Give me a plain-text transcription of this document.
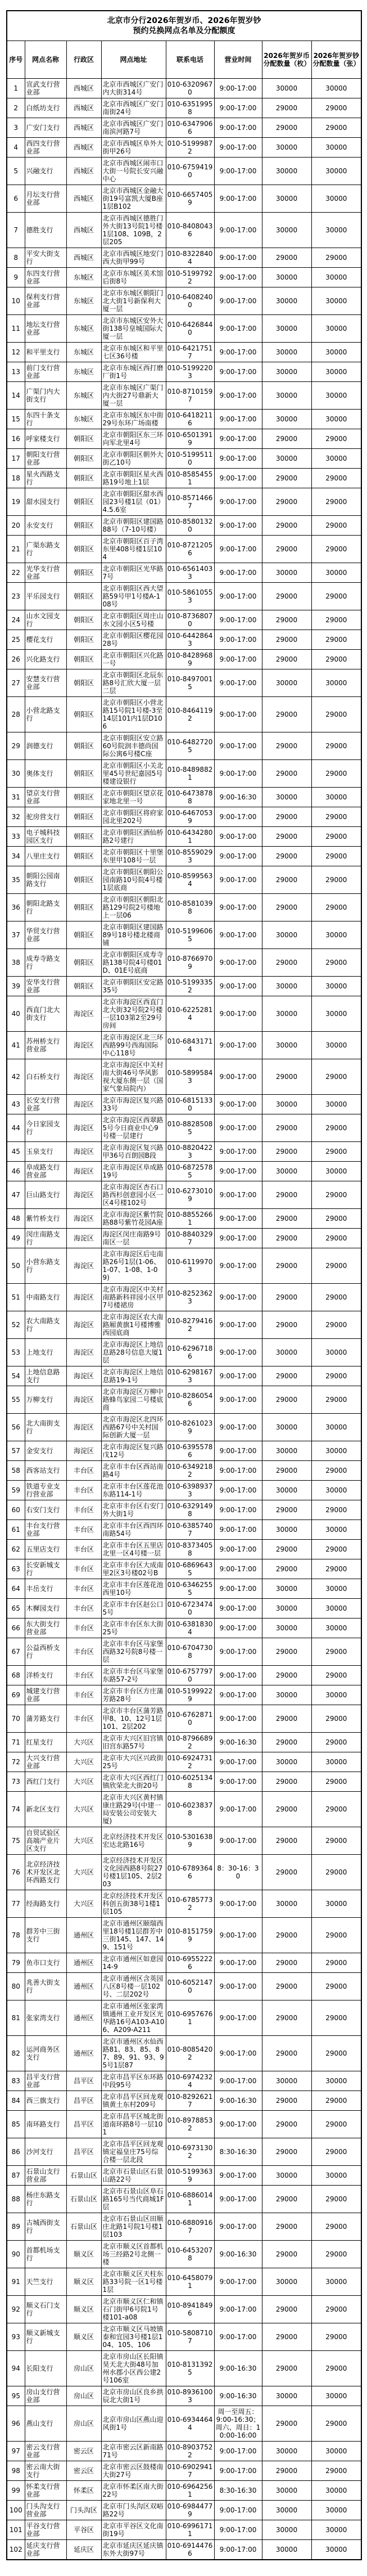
北京市分行2026年贺岁币、2026年贺岁钞
预约兑换网点名单及分配额度							

序号	网点名称	行政区	网点地址	联系电话	营业时间	2026年贺岁币分配数量（枚）	2026年贺岁钞分配数量（张）
1	宣武支行营业部	西城区	北京市西城区广安门内大街314号	010-63209670	9:00-17:00	30000	30000
2	白纸坊支行	西城区	北京市西城区广安门南街24号	010-63519958	9:00-17:00	29000	29000
3	广安门支行	西城区	北京市西城区广安门南滨河路7号	010-63479066	9:00-17:00	29000	29000
4	西四支行营业部	西城区	北京市西城区阜外大街甲26号	010-51999872	9:00-17:00	30000	30000
5	兴融支行	西城区	北京市西城区闹市口大街一号院长安兴融中心	010-67594190	9:00-17:00	30000	30000
6	月坛支行营业部	西城区	北京市西城区金融大街19号富凯大厦B座1层B102	010-66574059	9:00-17:00	30000	30000
7	德胜支行	西城区	北京市西城区德胜门外大街13号院1号楼1层108、109B，2层205	010-84080436	9:00-17:00	30000	30000
8	平安大街支行	西城区	北京市西城区地安门西大街甲99号	010-83228404	9:00-17:00	29000	29000
9	东四支行营业部	东城区	北京市东城区美术馆后街8号	010-51997922	9:00-17:00	30000	30000
10	保利支行营业部	东城区	北京市东城区朝阳门北大街1号新保利大厦一层	010-64082400	9:00-17:00	30000	30000
11	地坛支行营业部	东城区	北京市东城区安外大街138号皇城国际大厦一层	010-64268440	9:00-17:00	30000	30000
12	和平里支行	东城区	北京市东城区和平里七区36号楼	010-64217517	9:00-17:00	30000	30000
13	前门支行营业部	东城区	北京市东城区西打磨厂街1号	010-51992203	9:00-17:00	30000	30000
14	广渠门内大街支行	东城区	北京市东城区广渠门内大街27号鼎新大厦一层	010-87101597	9:00-17:00	30000	30000
15	东四十条支行	东城区	北京市东城区东中街29号东环广场南楼	010-64182116	9:00-17:00	30000	30000
16	呼家楼支行	朝阳区	北京市朝阳区东三环向军北里4号	010-65013919	9:00-17:00	29000	29000
17	朝阳支行营业部	朝阳区	北京市朝阳区朝外大街乙10号	010-51995110	9:00-17:00	30000	30000
18	星火西路支行	朝阳区	北京市朝阳区星火西路19号地上1层	010-85854551	9:00-17:00	29000	29000
19	甜水园支行	朝阳区	北京市朝阳区甜水西园23号楼1层（01）4.5.6室	010-85714667	9:00-17:00	29000	29000
20	永安支行	朝阳区	北京市朝阳区建国路88号（7-10号楼）	010-85801320	9:00-17:00	29000	29000
21	广渠东路支行	朝阳区	北京市朝阳区百子湾东里408号楼1层104	010-87212056	9:00-17:00	29000	29000
22	光华支行营业部	朝阳区	北京市朝阳区光华路7号	010-65614033	9:00-17:00	30000	30000
23	平乐园支行	朝阳区	北京市朝阳区西大望路59号甲1号楼A-108号	010-58610553	9:00-17:00	29000	29000
24	山水文园支行	朝阳区	北京市朝阳区周庄山水文园小区5号楼	010-87368070	9:00-17:00	29000	29000
25	樱花支行	朝阳区	北京市朝阳区樱花园28号	010-64428643	9:00-17:00	29000	29000
26	兴化路支行	朝阳区	北京市朝阳区兴化路一号	010-84289689	9:00-17:00	29000	29000
27	安慧支行营业部	朝阳区	北京市朝阳区北辰东路8号汇欣大厦一层二层	010-84970015	9:00-17:00	30000	30000
28	小营北路支行	朝阳区	北京市朝阳区小营北路15号院1号楼-3至14层101内1层D106	010-84641192	9:00-17:00	29000	29000
29	润德支行	朝阳区	北京市朝阳区安立路60号院润丰德尚国际公寓6号楼C座	010-64827205	9:00-17:00	29000	29000
30	奥体支行	朝阳区	北京市朝阳区小关北里45号世纪嘉园5号楼建设银行	010-84898821	9:00-17:00	29000	29000
31	望京支行营业部	朝阳区	北京市朝阳区望京花家地北里一号	010-64738788	9:00-16:30	30000	30000
32	驼房营支行	朝阳区	北京市朝阳区将府家园北里202号	010-64670539	9:00-17:00	29000	29000
33	电子城科技园区支行	朝阳区	北京市朝阳区酒仙桥路2号建行	010-64342801	9:00-17:00	29000	29000
34	八里庄支行	朝阳区	北京市朝阳区十里堡东里甲108号一层	010-85590293	9:00-17:00	29000	29000
35	朝阳公园南路支行	朝阳区	北京市朝阳区朝阳公园南路10号院4号楼1层底商	010-85995634	9:00-17:00	29000	29000
36	朝阳北路支行	朝阳区	北京市朝阳区朝阳北路129号院2号楼地上一层06	010-85810398	9:00-17:00	29000	29000
37	华贸支行营业部	朝阳区	北京市朝阳区建国路89号18号楼北楼商铺	010-51996065	9:00-17:00	30000	30000
38	成寿寺路支行	朝阳区	北京市朝阳区成寿寺路138号院4号楼01D、01E号底商	010-87669709	9:00-17:00	29000	29000
39	安华支行营业部	朝阳区	北京市朝阳区安定路35号	010-51993352	9:00-17:00	30000	30000
40	西直门北大街支行	海淀区	北京市海淀区西直门北大街32号院2号楼一层103第2至29号房间	010-62252814	9:00-17:00	30000	30000
41	苏州桥支行营业部	海淀区	北京市海淀区北三环西路99号西海国际中心118号	010-68431714	9:00-17:00	30000	30000
42	白石桥支行	海淀区	北京市海淀区中关村南大街46号华风影视大厦东侧一层（国家气象局院内）	010-58995843	9:00-17:00	29000	29000
43	长安支行营业部	海淀区	北京市海淀区复兴路33号	010-68151330	9:00-17:00	30000	30000
44	今日家园支行	海淀区	北京市海淀区西翠路5号今日商业中心9号楼一层建行	010-88285085	9:00-17:00	29000	29000
45	玉泉支行	海淀区	北京市海淀区复兴路甲36号百朗园B段	010-88204223	9:00-17:00	29000	29000
46	阜成路支行营业部	海淀区	北京市海淀区阜成路19号	010-68725785	9:00-17:00	30000	30000
47	巨山路支行	海淀区	北京市海淀区杏石口路西杉创意园小区一区4号楼102号	010-62730109	9:00-17:00	29000	29000
48	紫竹桥支行	海淀区	北京市海淀区紫竹院路88号紫竹花园A座	010-88552661	9:00-17:00	29000	29000
49	闵庄南路支行	海淀区	海淀区闵庄南路9号南区一层	010-88403297	9:00-17:00	29000	29000
50	小营东路支行	海淀区	北京市海淀区后屯南路26号1层(1-06、1-07、1-08、1-09)	010-61199703	9:00-17:00	29000	29000
51	中南路支行	海淀区	北京市海淀区中关村南路新科祥园小区甲7号楼裙房	010-82523623	9:00-17:00	29000	29000
52	农大南路支行	海淀区	北京市海淀区农大南路厢黄旗1号楼博雅西园底商	010-82794162	9:00-17:00	29000	29000
53	上地支行	海淀区	北京市海淀区上地信息路28号信息大厦1层	010-62967186	9:00-17:00	30000	30000
54	上地信息路支行	海淀区	北京市海淀区上地信息路19-1号	010-62981673	9:00-17:00	29000	29000
55	万柳支行	海淀区	北京市海淀区万柳中路蜂鸟家园二号楼底商	010-82860546	9:00-17:00	29000	29000
56	北大南街支行	海淀区	北京市海淀区北四环西路67号中关村国际创新大厦一层	010-82610239	9:00-17:00	30000	30000
57	金安支行	海淀区	北京市海淀区复兴路戊12号	010-63955786	9:00-17:00	30000	30000
58	西客站支行	丰台区	北京市丰台区西站南路4号	010-63492182	9:00-17:00	29000	29000
59	铁道专业支行营业部	丰台区	北京市丰台区莲花池东路114-1号	010-63989373	9:00-17:00	30000	30000
60	右安门支行	丰台区	北京市丰台区右安门外大街1号	010-63291498	9:00-17:00	29000	29000
61	丰台支行营业部	丰台区	北京市丰台区西四环南路54号	010-63857407	9:00-17:00	30000	30000
62	五里店支行	丰台区	北京市丰台区五里店北里一区4号楼一层	010-83734058	9:00-17:00	29000	29000
63	长安新城支行	丰台区	北京市丰台区大成南里2区3号楼02号B	010-68696435	9:00-17:00	29000	29000
64	丰岳支行	丰台区	北京市丰台区莲花池西里10号	010-63462555	9:00-17:00	30000	30000
65	木樨园支行	丰台区	北京市丰台区赵公口5号	010-67234740	9:00-17:00	30000	30000
66	东大街支行营业部	丰台区	北京市丰台区东大街25号	010-63818304	9:00-17:00	30000	30000
67	公益西桥支行	丰台区	北京市丰台区马家堡西路32号院8号楼一层	010-67047308	9:00-17:00	29000	29000
68	洋桥支行	丰台区	北京市丰台区马家堡东路57-2号	010-67577970	9:00-17:00	29000	29000
69	城建支行营业部	丰台区	北京市丰台区方庄蒲芳路28号	010-51999229	9:00-17:00	30000	30000
70	蒲芳路支行	丰台区	北京市丰台区蒲芳路甲8、10、12号1层101、2层202	010-67628710	9:00-17:00	29000	29000
71	红星支行	大兴区	北京市大兴区旧宫镇旧宫东路57号	010-87966892	9:00-16:30	29000	29000
72	大兴支行营业部	大兴区	北京市大兴区兴政街25号	010-69247312	9:00-17:00	30000	30000
73	西红门支行	大兴区	北京市大兴区西红门镇欣荣北大街20号	010-60251348	9:00-17:00	29000	29000
74	新北区支行	大兴区	北京市大兴区黄村镇康庄路29号(中建一局安装公司安装大厦)	010-60238378	9:00-17:00	29000	29000
75	自贸试验区高端产业片区支行	大兴区	北京经济技术开发区宏达北路16号	010-53016389	9:00-17:00	29000	29000
76	北京经济技术开发区北环西路支行	大兴区	北京经济技术开发区文化园西路8号院27号楼1层105、2层203	010-67893646	8：30-16：30	29000	29000
77	经海路支行	大兴区	北京经济技术开发区科创五街38号1楼1层105	010-67857732	9:00-17:00	30000	30000
78	群芳中三街支行	通州区	北京市通州区颐瑞西里18号楼1层群芳中三街145、147、149、151号	010-81517599	9:00-17:00	29000	29000
79	鱼市口支行	通州区	北京市通州区如意园14-9	010-69552226	9:00-17:00	29000	29000
80	兆善大街支行	通州区	北京市通州区含英园八区8号楼一层102号、二层202号	010-60521470	9:00-17:00	29000	29000
81	张家湾支行	通州区	北京市通州区张家湾镇通州工业开发区光华路16号A103-A106、A209-A211	010-69576761	9:00-17:00	29000	29000
82	运河商务区支行	通州区	北京市通州区水仙西路81、83、85、87、89、91、93、95号1层87	010-80854202	9:00-17:00	29000	29000
83	昌平支行营业部	昌平区	北京市昌平区东环路中段95号	010-69742324	9:00-17:00	30000	30000
84	西三旗支行	昌平区	北京市昌平区回龙观镇黄土东村209号	010-82926217	9:00-16:30	29000	29000
85	南环路支行	昌平区	北京市昌平区城北街道南环路8号一层101	010-89788532	9:00-17:00	29000	29000
86	沙河支行	昌平区	北京市昌平区回龙观镇定福皇庄75号综合楼一层北段	010-69731302	8:30-16:30	29000	29000
87	石景山支行营业部	石景山区	北京市石景山区石景山路22号	010-51993639	9:00-17:00	30000	30000
88	杨庄东路支行	石景山区	北京市石景山区阜石路165号当代商城1F层	010-68860141	9:00-17:00	29000	29000
89	古城西街支行	石景山区	北京市石景山区田顺庄北路1号院1号楼1层103	010-68809167	9:00-17:00	29000	29000
90	首都机场支行	顺义区	北京市顺义区首都机场三经路2号北侧一楼	010-64532078	9:00-16:30	29000	29000
91	天竺支行	顺义区	北京市顺义区天柱东路33号院一区1号楼1层	010-64580791	9:00-17:00	30000	30000
92	顺义石门支行	顺义区	北京市顺义区仁和镇石门街甲6号院1号楼101-a08	010-89418496	9:00-17:00	29000	29000
93	顺义新城支行	顺义区	北京市顺义区马坡镇泰和宜园3号楼1层104、105、106	010-58087107	9:00-17:00	29000	29000
94	长阳支行	房山区	北京市房山区长阳镇昊天北大街48号加州水郡小区西公建2号106室	010-81313925	9:00-16:30	29000	29000
95	房山支行营业部	房山区	北京市房山区良乡拱辰北大街1号	010-89361003	9:00-16:30	30000	30000
96	燕山支行	房山区	北京市房山区燕山迎风街1号	010-69344644	周一至周五：9:00-16:30；周六、周日：10:00-16:00	29000	29000
97	密云支行营业部	密云区	北京市密云区新南路71号	010-89037522	9:00-17:00	30000	30000
98	密云南大街支行	密云区	北京市密云区鼓楼南大街27号	010-69029417	9:00-17:00	29000	29000
99	怀柔支行营业部	怀柔区	北京市怀柔区南大街22号	010-69642561	8:30-16:30	30000	30000
100	门头沟支行营业部	门头沟区	北京市门头沟区双峪路22号	010-69844779	9:00-17:00	30000	30000
101	平谷支行营业部	平谷区	北京市平谷区文化南街19号	010-69961711	9:00-17:00	30000	30000
102	延庆支行营业部	延庆区	北京市延庆区延庆镇东外大街97号	010-69144766	9:00-17:00	30000	30000
